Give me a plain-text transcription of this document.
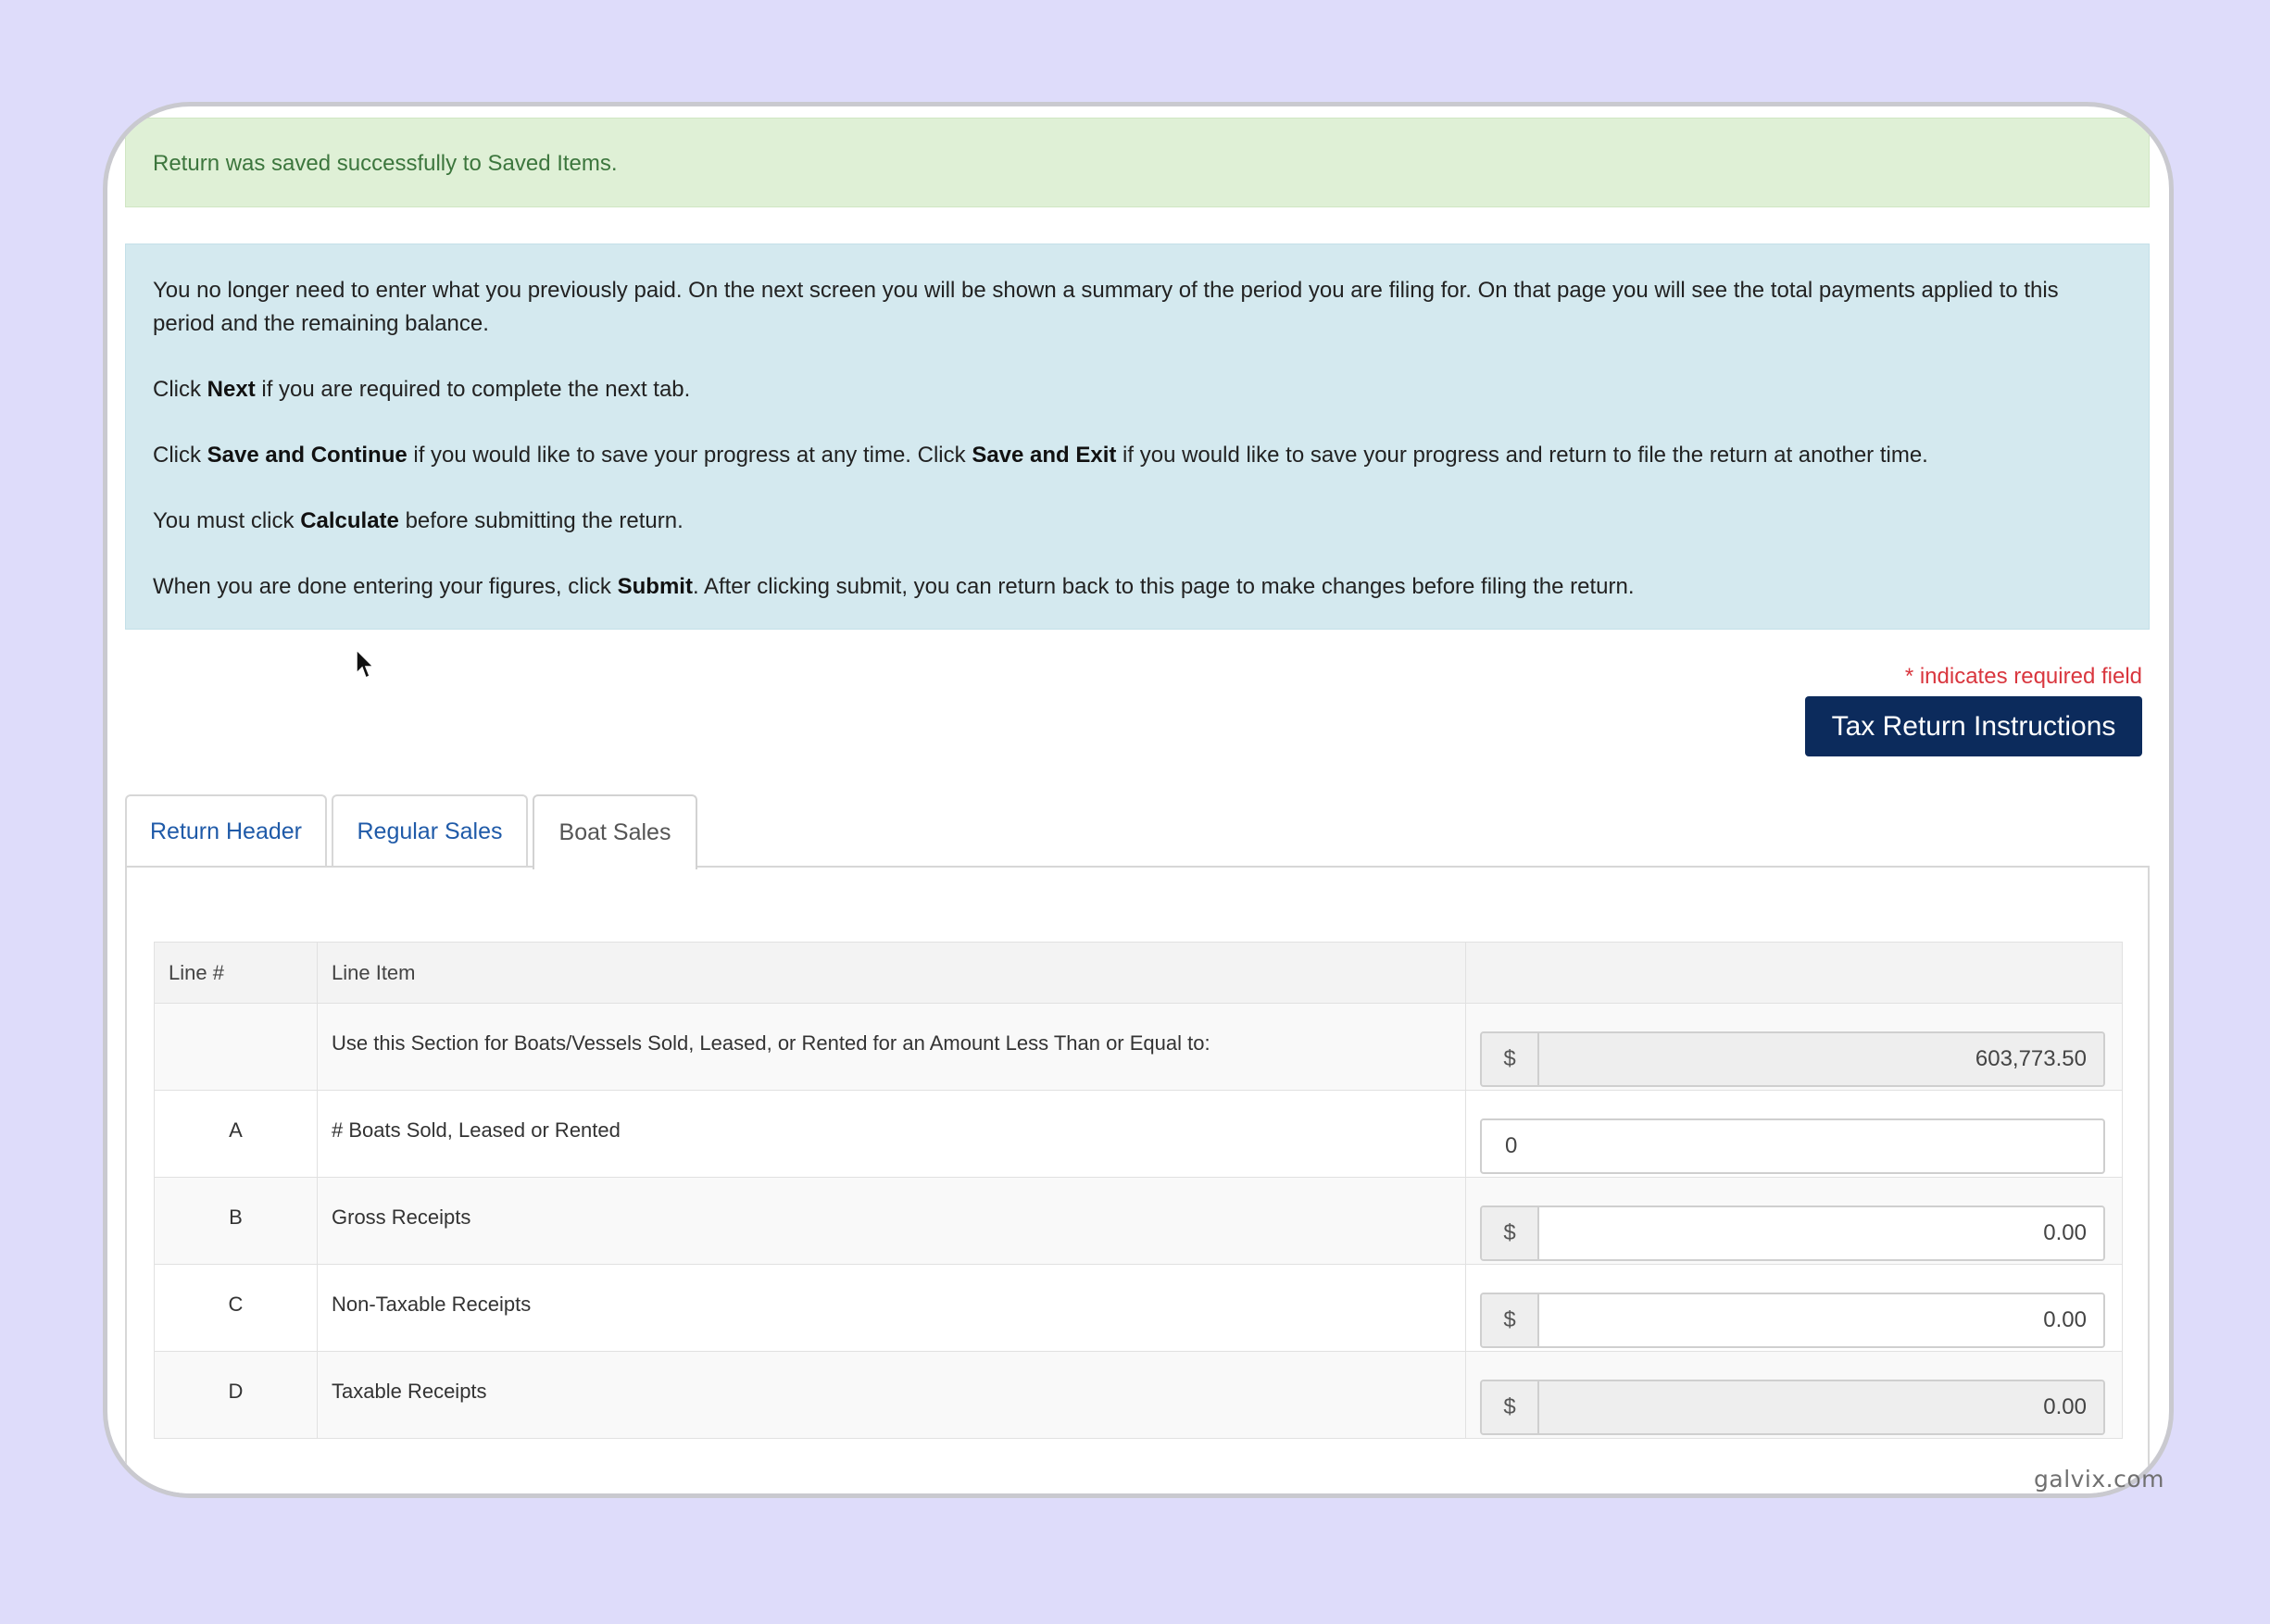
Return was saved successfully to Saved Items.

You no longer need to enter what you previously paid. On the next screen you will be shown a summary of the period you are filing for. On that page you will see the total payments applied to this period and the remaining balance.

Click Next if you are required to complete the next tab.

Click Save and Continue if you would like to save your progress at any time. Click Save and Exit if you would like to save your progress and return to file the return at another time.

You must click Calculate before submitting the return.

When you are done entering your figures, click Submit. After clicking submit, you can return back to this page to make changes before filing the return.

* indicates required field
Tax Return Instructions
Return Header	Regular Sales	Boat Sales
Line #	Line Item	
	Use this Section for Boats/Vessels Sold, Leased, or Rented for an Amount Less Than or Equal to:	$ 603,773.50

A	# Boats Sold, Leased or Rented	0

B	Gross Receipts	$ 0.00

C	Non-Taxable Receipts	$ 0.00

D	Taxable Receipts	$ 0.00
galvix.com
